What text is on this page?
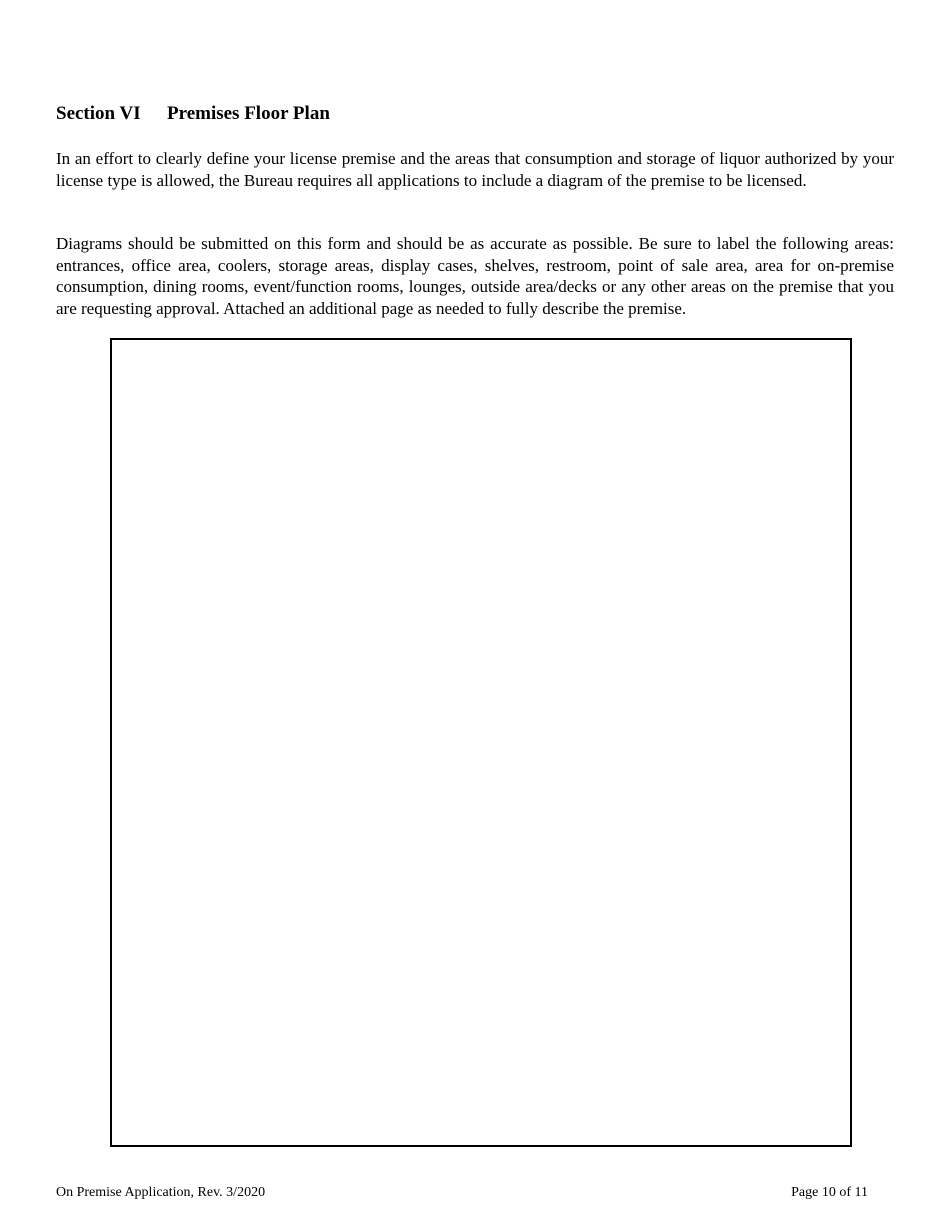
Section VI Premises Floor Plan

In an effort to clearly define your license premise and the areas that consumption and storage of liquor authorized by your license type is allowed, the Bureau requires all applications to include a diagram of the premise to be licensed.

Diagrams should be submitted on this form and should be as accurate as possible. Be sure to label the following areas: entrances, office area, coolers, storage areas, display cases, shelves, restroom, point of sale area, area for on-premise consumption, dining rooms, event/function rooms, lounges, outside area/decks or any other areas on the premise that you are requesting approval. Attached an additional page as needed to fully describe the premise.

On Premise Application, Rev. 3/2020	Page 10 of 11
